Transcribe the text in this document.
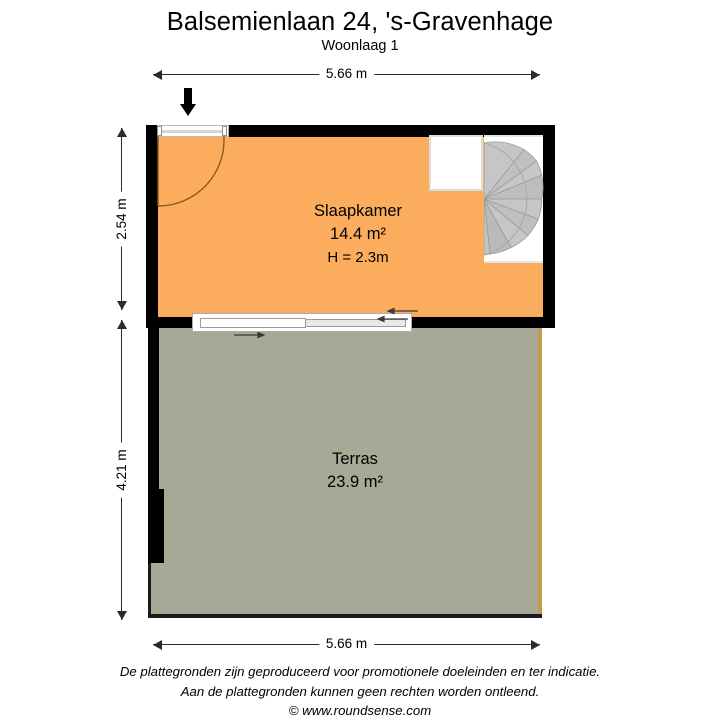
Balsemienlaan 24, 's-Gravenhage
Woonlaag 1
5.66 m
2.54 m
4.21 m
Slaapkamer
14.4 m²
H = 2.3m
Terras
23.9 m²
5.66 m
De plattegronden zijn geproduceerd voor promotionele doeleinden en ter indicatie.
Aan de plattegronden kunnen geen rechten worden ontleend.
© www.roundsense.com
